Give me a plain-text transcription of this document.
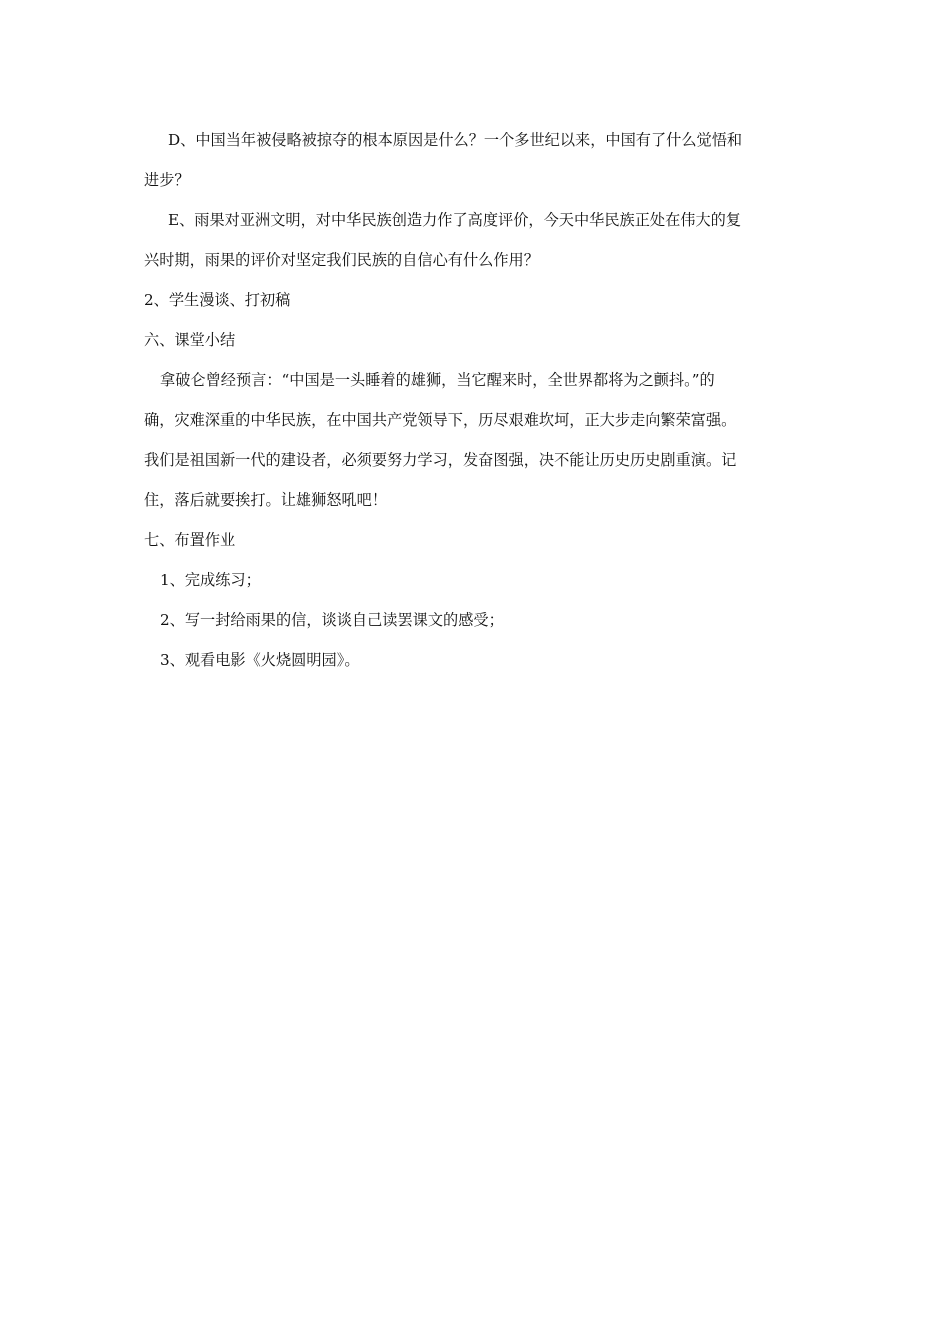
D、中国当年被侵略被掠夺的根本原因是什么？一个多世纪以来，中国有了什么觉悟和

进步？

E、雨果对亚洲文明，对中华民族创造力作了高度评价，今天中华民族正处在伟大的复

兴时期，雨果的评价对坚定我们民族的自信心有什么作用？

2、学生漫谈、打初稿

六、课堂小结

拿破仑曾经预言：“中国是一头睡着的雄狮，当它醒来时，全世界都将为之颤抖。”的

确，灾难深重的中华民族，在中国共产党领导下，历尽艰难坎坷，正大步走向繁荣富强。

我们是祖国新一代的建设者，必须要努力学习，发奋图强，决不能让历史历史剧重演。记

住，落后就要挨打。让雄狮怒吼吧！

七、布置作业

1、完成练习；

2、写一封给雨果的信，谈谈自己读罢课文的感受；

3、观看电影《火烧圆明园》。
